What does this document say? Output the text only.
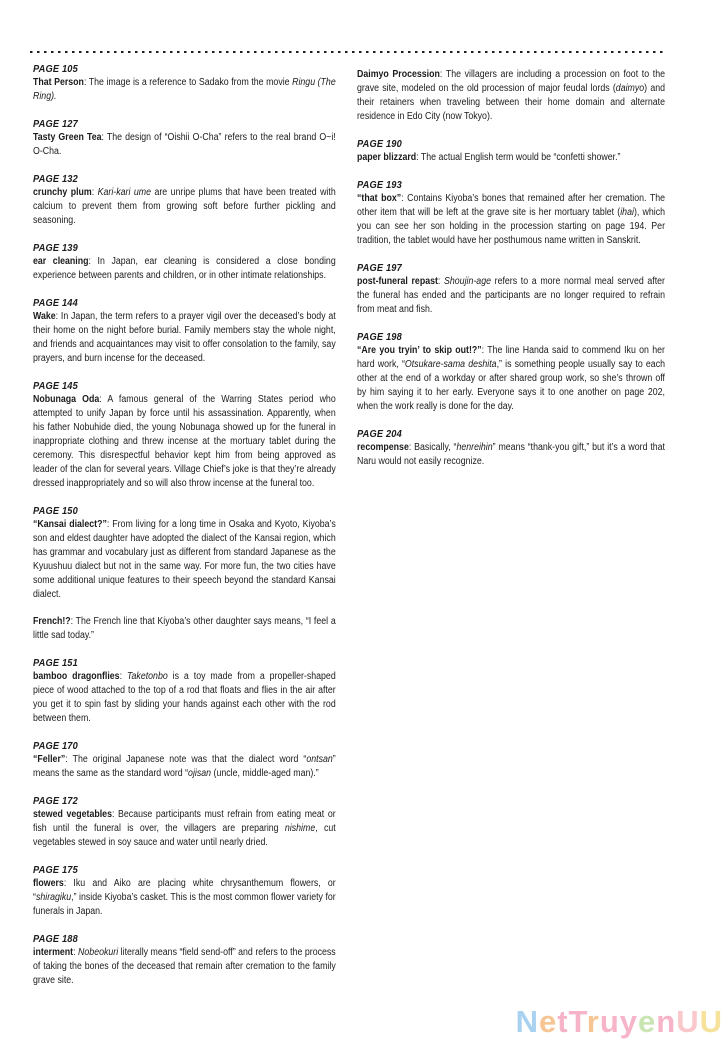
PAGE 105

That Person: The image is a reference to Sadako from the movie Ringu (The Ring).

PAGE 127

Tasty Green Tea: The design of “Oishii O-Cha” refers to the real brand O~i! O-Cha.

PAGE 132

crunchy plum: Kari-kari ume are unripe plums that have been treated with calcium to prevent them from growing soft before further pickling and seasoning.

PAGE 139

ear cleaning: In Japan, ear cleaning is considered a close bonding experience between parents and children, or in other intimate relationships.

PAGE 144

Wake: In Japan, the term refers to a prayer vigil over the deceased’s body at their home on the night before burial. Family members stay the whole night, and friends and acquaintances may visit to offer consolation to the family, say prayers, and burn incense for the deceased.

PAGE 145

Nobunaga Oda: A famous general of the Warring States period who attempted to unify Japan by force until his assassination. Apparently, when his father Nobuhide died, the young Nobunaga showed up for the funeral in inappropriate clothing and threw incense at the mortuary tablet during the ceremony. This disrespectful behavior kept him from being approved as leader of the clan for several years. Village Chief’s joke is that they’re already dressed inappropriately and so will also throw incense at the funeral too.

PAGE 150

“Kansai dialect?”: From living for a long time in Osaka and Kyoto, Kiyoba’s son and eldest daughter have adopted the dialect of the Kansai region, which has grammar and vocabulary just as different from standard Japanese as the Kyuushuu dialect but not in the same way. For more fun, the two cities have some additional unique features to their speech beyond the standard Kansai dialect.

French!?: The French line that Kiyoba’s other daughter says means, “I feel a little sad today.”

PAGE 151

bamboo dragonflies: Taketonbo is a toy made from a propeller-shaped piece of wood attached to the top of a rod that floats and flies in the air after you get it to spin fast by sliding your hands against each other with the rod between them.

PAGE 170

“Feller”: The original Japanese note was that the dialect word “ontsan” means the same as the standard word “ojisan (uncle, middle-aged man).”

PAGE 172

stewed vegetables: Because participants must refrain from eating meat or fish until the funeral is over, the villagers are preparing nishime, cut vegetables stewed in soy sauce and water until nearly dried.

PAGE 175

flowers: Iku and Aiko are placing white chrysanthemum flowers, or “shiragiku,” inside Kiyoba’s casket. This is the most common flower variety for funerals in Japan.

PAGE 188

interment: Nobeokuri literally means “field send-off” and refers to the process of taking the bones of the deceased that remain after cremation to the family grave site.

Daimyo Procession: The villagers are including a procession on foot to the grave site, modeled on the old procession of major feudal lords (daimyo) and their retainers when traveling between their home domain and alternate residence in Edo City (now Tokyo).

PAGE 190

paper blizzard: The actual English term would be “confetti shower.”

PAGE 193

“that box”: Contains Kiyoba’s bones that remained after her cremation. The other item that will be left at the grave site is her mortuary tablet (ihai), which you can see her son holding in the procession starting on page 194. Per tradition, the tablet would have her posthumous name written in Sanskrit.

PAGE 197

post-funeral repast: Shoujin-age refers to a more normal meal served after the funeral has ended and the participants are no longer required to refrain from meat and fish.

PAGE 198

“Are you tryin’ to skip out!?”: The line Handa said to commend Iku on her hard work, “Otsukare-sama deshita,” is something people usually say to each other at the end of a workday or after shared group work, so she’s thrown off by him saying it to her early. Everyone says it to one another on page 202, when the work really is done for the day.

PAGE 204

recompense: Basically, “henreihin” means “thank-you gift,” but it’s a word that Naru would not easily recognize.

NetTruyenUU
